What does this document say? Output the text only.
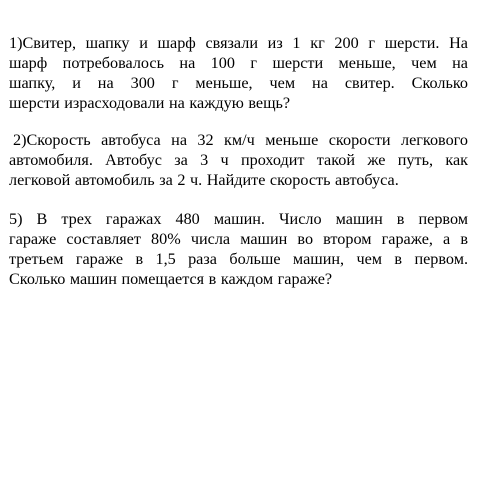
1)Свитер, шапку и шарф связали из 1 кг 200 г шерсти. На
шарф потребовалось на 100 г шерсти меньше, чем на
шапку, и на 300 г меньше, чем на свитер. Сколько
шерсти израсходовали на каждую вещь?
2)Скорость автобуса на 32 км/ч меньше скорости легкового
автомобиля. Автобус за 3 ч проходит такой же путь, как
легковой автомобиль за 2 ч. Найдите скорость автобуса.
5) В трех гаражах 480 машин. Число машин в первом
гараже составляет 80% числа машин во втором гараже, а в
третьем гараже в 1,5 раза больше машин, чем в первом.
Сколько машин помещается в каждом гараже?
